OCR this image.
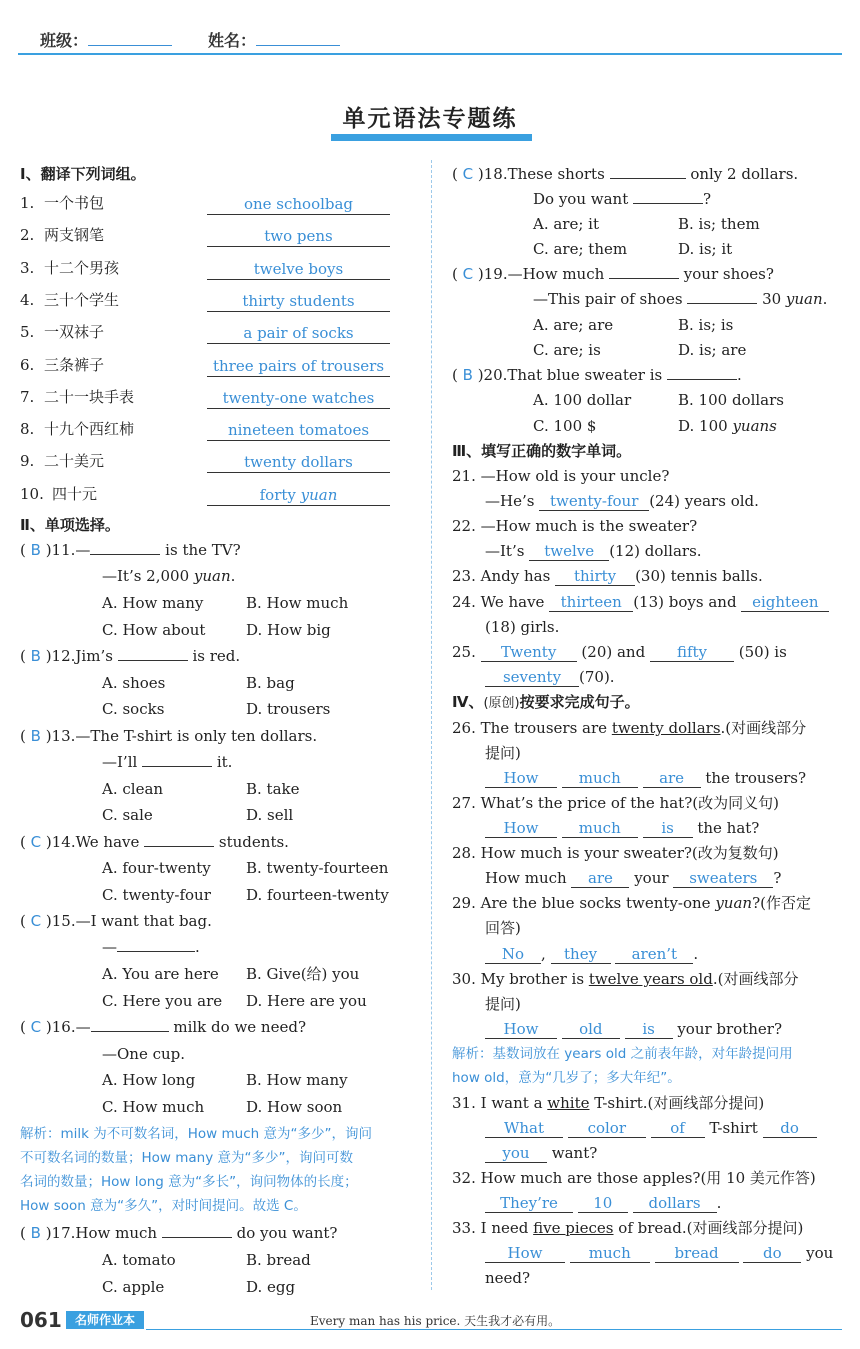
班级：	姓名：
单元语法专题练
Ⅰ、翻译下列词组。
1. 一个书包	one schoolbag
2. 两支钢笔	two pens
3. 十二个男孩	twelve boys
4. 三十个学生	thirty students
5. 一双袜子	a pair of socks
6. 三条裤子	three pairs of trousers
7. 二十一块手表	twenty-one watches
8. 十九个西红柿	nineteen tomatoes
9. 二十美元	twenty dollars
10. 四十元	forty yuan
Ⅱ、单项选择。
( B )11.—	is the TV?
—It’s 2,000 yuan.
A. How many	B. How much
C. How about	D. How big
( B )12.Jim’s	is red.
A. shoes	B. bag
C. socks	D. trousers
( B )13.—The T-shirt is only ten dollars.
—I’ll	it.
A. clean	B. take
C. sale	D. sell
( C )14.We have	students.
A. four-twenty B. twenty-fourteen
C. twenty-four D. fourteen-twenty
( C )15.—I want that bag.
—	.
A. You are here B. Give(给) you
C. Here you are D. Here are you
( C )16.—	milk do we need?
—One cup.
A. How long	B. How many
C. How much	D. How soon
解析：milk 为不可数名词，How much 意为“多少”，询问
不可数名词的数量；How many 意为“多少”，询问可数
名词的数量；How long 意为“多长”，询问物体的长度；
How soon 意为“多久”，对时间提问。故选 C。
( B )17.How much	do you want?
A. tomato	B. bread
C. apple	D. egg
( C )18.These shorts	only 2 dollars.
Do you want	?
A. are; it	B. is; them
C. are; them	D. is; it
( C )19.—How much	your shoes?
—This pair of shoes	30 yuan.
A. are; are	B. is; is
C. are; is	D. is; are
( B )20.That blue sweater is	.
A. 100 dollar	B. 100 dollars
C. 100 $	D. 100 yuans
Ⅲ、填写正确的数字单词。
21. —How old is your uncle?
—He’s twenty-four (24) years old.
22. —How much is the sweater?
—It’s twelve (12) dollars.
23. Andy has thirty (30) tennis balls.
24. We have thirteen (13) boys and eighteen
(18) girls.
25. Twenty (20) and fifty (50) is
seventy (70).
Ⅳ、(原创)按要求完成句子。
26. The trousers are twenty dollars.(对画线部分
提问)
How	much	are the trousers?
27. What’s the price of the hat?(改为同义句)
How	much	is the hat?
28. How much is your sweater?(改为复数句)
How much are your sweaters ?
29. Are the blue socks twenty-one yuan?(作否定
回答)
No , they aren’t .
30. My brother is twelve years old.(对画线部分
提问)
How	old	is your brother?
解析：基数词放在 years old 之前表年龄，对年龄提问用
how old，意为“几岁了；多大年纪”。
31. I want a white T-shirt.(对画线部分提问)
What	color	of T-shirt do
you want?
32. How much are those apples?(用 10 美元作答)
They’re 10 dollars .
33. I need five pieces of bread.(对画线部分提问)
How	much	bread	do you
need?
061	名师作业本	Every man has his price. 天生我才必有用。
